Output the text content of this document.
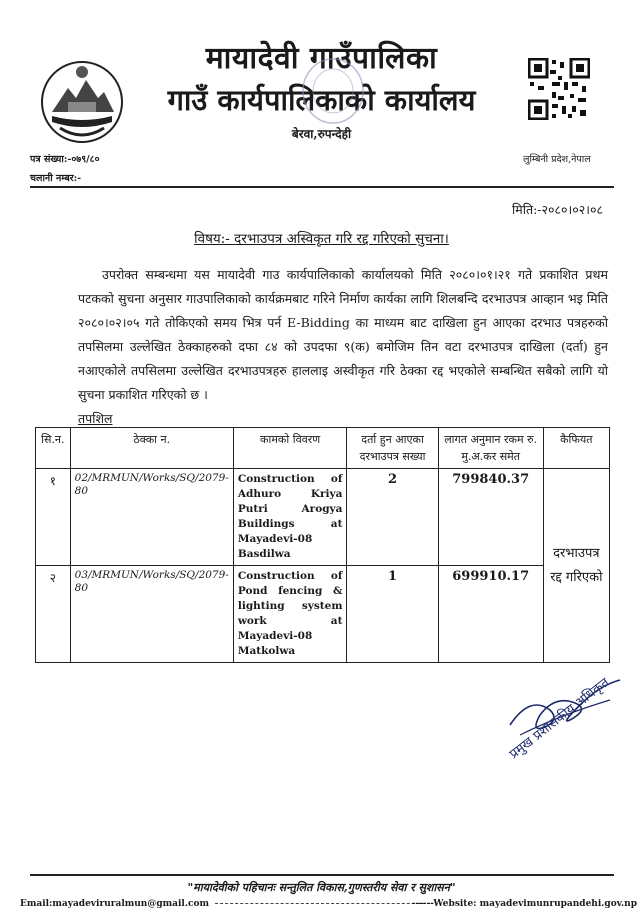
मायादेवी गाउँपालिका
गाउँ कार्यपालिकाको कार्यालय
बेरवा,रुपन्देही
पत्र संख्या:-०७९/८०
चलानी नम्बर:-
लुम्बिनी प्रदेश,नेपाल
मिति:-२०८०।०२।०८
विषय:- दरभाउपत्र अस्विकृत गरि रद्द गरिएको सुचना।

उपरोक्त सम्बन्धमा यस मायादेवी गाउ कार्यपालिकाको कार्यालयको मिति २०८०।०१।२१ गते प्रकाशित प्रथम पटकको सुचना अनुसार गाउपालिकाको कार्यक्रमबाट गरिने निर्माण कार्यका लागि शिलबन्दि दरभाउपत्र आव्हान भइ मिति २०८०।०२।०५ गते तोकिएको समय भित्र पर्न E-Bidding का माध्यम बाट दाखिला हुन आएका दरभाउ पत्रहरुको तपसिलमा उल्लेखित ठेक्काहरुको दफा ८४ को उपदफा ९(क) बमोजिम तिन वटा दरभाउपत्र दाखिला (दर्ता) हुन नआएकोले तपसिलमा उल्लेखित दरभाउपत्रहरु हाललाइ अस्वीकृत गरि ठेक्का रद्द भएकोले सम्बन्धित सबैको लागि यो सुचना प्रकाशित गरिएको छ ।

तपशिल
सि.न.	ठेक्का न.	कामको विवरण	दर्ता हुन आएका दरभाउपत्र सख्या	लागत अनुमान रकम रु. मु.अ.कर समेत	कैफियत
१	02/MRMUN/Works/SQ/2079-80	Construction of Adhuro Kriya Putri Arogya Buildings at Mayadevi-08 Basdilwa	2	799840.37	दरभाउपत्र रद्द गरिएको
२	03/MRMUN/Works/SQ/2079-80	Construction of Pond fencing & lighting system work at Mayadevi-08 Matkolwa	1	699910.17	
प्रमुख प्रशासकीय अधिकृत
"मायादेवीको पहिचानः सन्तुलित विकास,गुणस्तरीय सेवा र सुशासन"
Email:mayadeviruralmun@gmail.com	------Website: mayadevimunrupandehi.gov.np
